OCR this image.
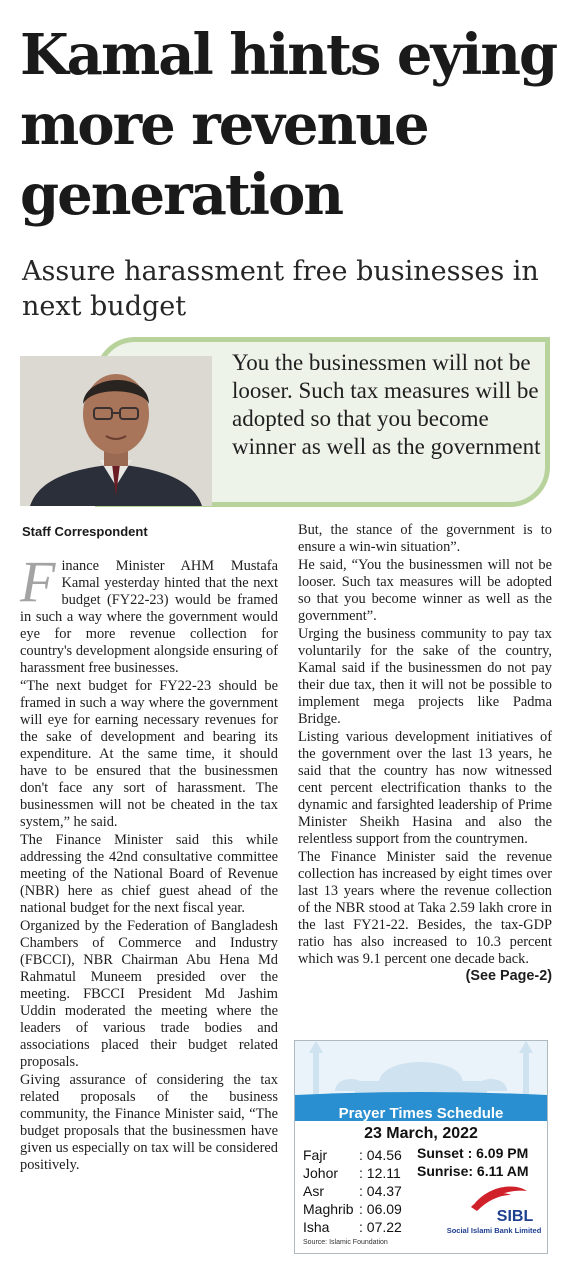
Kamal hints eying more revenue generation
Assure harassment free businesses in next budget

You the businessmen will not be looser. Such tax measures will be adopted so that you become winner as well as the government

Staff Correspondent

Finance Minister AHM Mustafa Kamal yesterday hinted that the next budget (FY22-23) would be framed in such a way where the government would eye for more revenue collection for country's development alongside ensuring of harassment free businesses.

“The next budget for FY22-23 should be framed in such a way where the government will eye for earning necessary revenues for the sake of development and bearing its expenditure. At the same time, it should have to be ensured that the businessmen don't face any sort of harassment. The businessmen will not be cheated in the tax system,” he said.

The Finance Minister said this while addressing the 42nd consultative committee meeting of the National Board of Revenue (NBR) here as chief guest ahead of the national budget for the next fiscal year.

Organized by the Federation of Bangladesh Chambers of Commerce and Industry (FBCCI), NBR Chairman Abu Hena Md Rahmatul Muneem presided over the meeting. FBCCI President Md Jashim Uddin moderated the meeting where the leaders of various trade bodies and associations placed their budget related proposals.

Giving assurance of considering the tax related proposals of the business community, the Finance Minister said, “The budget proposals that the businessmen have given us especially on tax will be considered positively.

But, the stance of the government is to ensure a win-win situation”.

He said, “You the businessmen will not be looser. Such tax measures will be adopted so that you become winner as well as the government”.

Urging the business community to pay tax voluntarily for the sake of the country, Kamal said if the businessmen do not pay their due tax, then it will not be possible to implement mega projects like Padma Bridge.

Listing various development initiatives of the government over the last 13 years, he said that the country has now witnessed cent percent electrification thanks to the dynamic and farsighted leadership of Prime Minister Sheikh Hasina and also the relentless support from the countrymen.

The Finance Minister said the revenue collection has increased by eight times over last 13 years where the revenue collection of the NBR stood at Taka 2.59 lakh crore in the last FY21-22. Besides, the tax-GDP ratio has also increased to 10.3 percent which was 9.1 percent one decade back.
(See Page-2)

Prayer Times Schedule
23 March, 2022
Fajr : 04.56
Johor : 12.11
Asr	: 04.37
Maghrib : 06.09
Isha : 07.22
Sunset : 6.09 PM
Sunrise: 6.11 AM
SIBL
Social Islami Bank Limited
Source: Islamic Foundation
